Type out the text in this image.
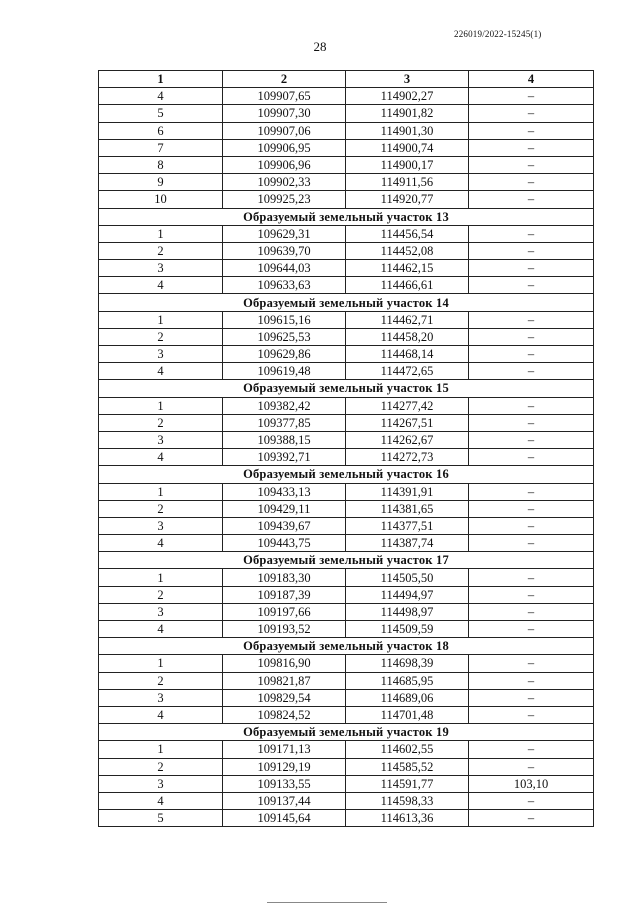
226019/2022-15245(1)
28
1	2	3	4
4	109907,65	114902,27	–
5	109907,30	114901,82	–
6	109907,06	114901,30	–
7	109906,95	114900,74	–
8	109906,96	114900,17	–
9	109902,33	114911,56	–
10	109925,23	114920,77	–
Образуемый земельный участок 13			
1	109629,31	114456,54	–
2	109639,70	114452,08	–
3	109644,03	114462,15	–
4	109633,63	114466,61	–
Образуемый земельный участок 14			
1	109615,16	114462,71	–
2	109625,53	114458,20	–
3	109629,86	114468,14	–
4	109619,48	114472,65	–
Образуемый земельный участок 15			
1	109382,42	114277,42	–
2	109377,85	114267,51	–
3	109388,15	114262,67	–
4	109392,71	114272,73	–
Образуемый земельный участок 16			
1	109433,13	114391,91	–
2	109429,11	114381,65	–
3	109439,67	114377,51	–
4	109443,75	114387,74	–
Образуемый земельный участок 17			
1	109183,30	114505,50	–
2	109187,39	114494,97	–
3	109197,66	114498,97	–
4	109193,52	114509,59	–
Образуемый земельный участок 18			
1	109816,90	114698,39	–
2	109821,87	114685,95	–
3	109829,54	114689,06	–
4	109824,52	114701,48	–
Образуемый земельный участок 19			
1	109171,13	114602,55	–
2	109129,19	114585,52	–
3	109133,55	114591,77	103,10
4	109137,44	114598,33	–
5	109145,64	114613,36	–
